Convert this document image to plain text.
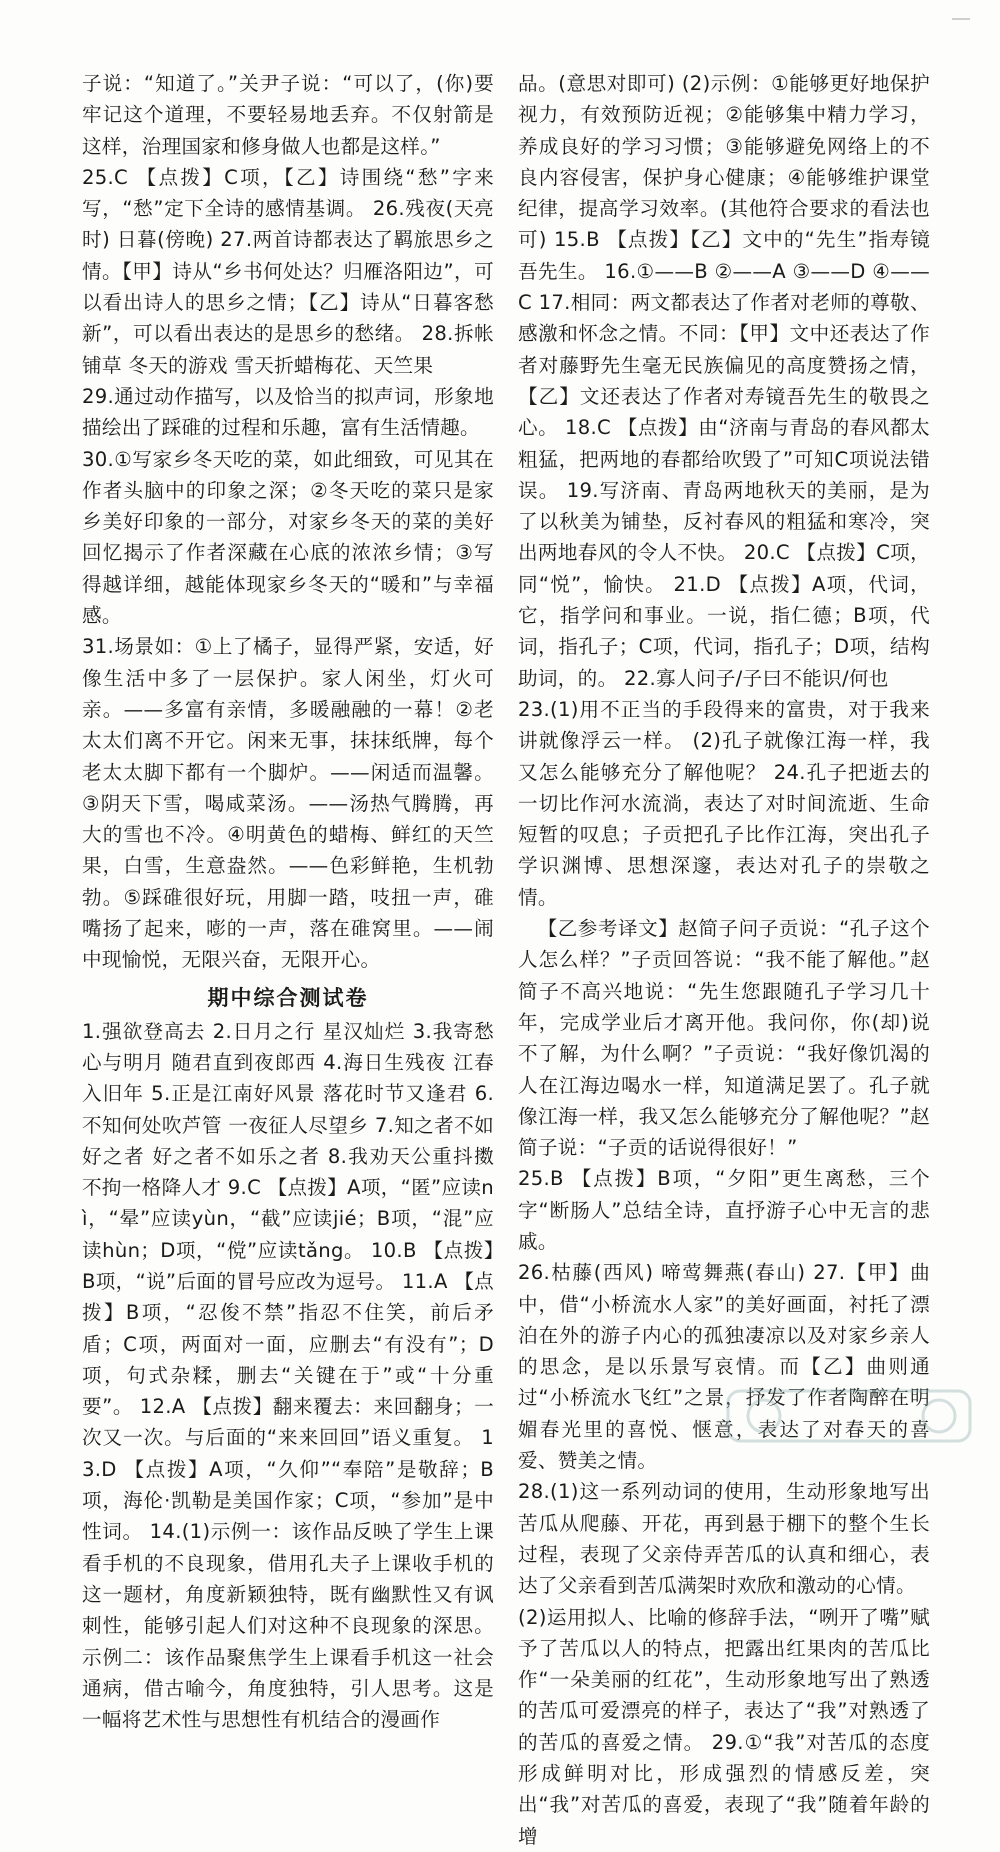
子说：“知道了。”关尹子说：“可以了，(你)要牢记这个道理，不要轻易地丢弃。不仅射箭是这样，治理国家和修身做人也都是这样。”

25.C 【点拨】C项，【乙】诗围绕“愁”字来写，“愁”定下全诗的感情基调。 26.残夜(天亮时) 日暮(傍晚) 27.两首诗都表达了羁旅思乡之情。【甲】诗从“乡书何处达？归雁洛阳边”，可以看出诗人的思乡之情；【乙】诗从“日暮客愁新”，可以看出表达的是思乡的愁绪。 28.拆帐铺草 冬天的游戏 雪天折蜡梅花、天竺果

29.通过动作描写，以及恰当的拟声词，形象地描绘出了踩碓的过程和乐趣，富有生活情趣。

30.①写家乡冬天吃的菜，如此细致，可见其在作者头脑中的印象之深；②冬天吃的菜只是家乡美好印象的一部分，对家乡冬天的菜的美好回忆揭示了作者深藏在心底的浓浓乡情；③写得越详细，越能体现家乡冬天的“暖和”与幸福感。

31.场景如：①上了橘子，显得严紧，安适，好像生活中多了一层保护。家人闲坐，灯火可亲。——多富有亲情，多暖融融的一幕！②老太太们离不开它。闲来无事，抹抹纸牌，每个老太太脚下都有一个脚炉。——闲适而温馨。③阴天下雪，喝咸菜汤。——汤热气腾腾，再大的雪也不冷。④明黄色的蜡梅、鲜红的天竺果，白雪，生意盎然。——色彩鲜艳，生机勃勃。⑤踩碓很好玩，用脚一踏，吱扭一声，碓嘴扬了起来，嘭的一声，落在碓窝里。——闹中现愉悦，无限兴奋，无限开心。

期中综合测试卷

1.强欲登高去 2.日月之行 星汉灿烂 3.我寄愁心与明月 随君直到夜郎西 4.海日生残夜 江春入旧年 5.正是江南好风景 落花时节又逢君 6.不知何处吹芦管 一夜征人尽望乡 7.知之者不如好之者 好之者不如乐之者 8.我劝天公重抖擞 不拘一格降人才 9.C 【点拨】A项，“匿”应读nì，“晕”应读yùn，“截”应读jié；B项，“混”应读hùn；D项，“傥”应读tǎng。 10.B 【点拨】B项，“说”后面的冒号应改为逗号。 11.A 【点拨】B项，“忍俊不禁”指忍不住笑，前后矛盾；C项，两面对一面，应删去“有没有”；D项，句式杂糅，删去“关键在于”或“十分重要”。 12.A 【点拨】翻来覆去：来回翻身；一次又一次。与后面的“来来回回”语义重复。 13.D 【点拨】A项，“久仰”“奉陪”是敬辞；B项，海伦·凯勒是美国作家；C项，“参加”是中性词。 14.(1)示例一：该作品反映了学生上课看手机的不良现象，借用孔夫子上课收手机的这一题材，角度新颖独特，既有幽默性又有讽刺性，能够引起人们对这种不良现象的深思。 示例二：该作品聚焦学生上课看手机这一社会通病，借古喻今，角度独特，引人思考。这是一幅将艺术性与思想性有机结合的漫画作

品。(意思对即可) (2)示例：①能够更好地保护视力，有效预防近视；②能够集中精力学习，养成良好的学习习惯；③能够避免网络上的不良内容侵害，保护身心健康；④能够维护课堂纪律，提高学习效率。(其他符合要求的看法也可) 15.B 【点拨】【乙】文中的“先生”指寿镜吾先生。 16.①——B ②——A ③——D ④——C 17.相同：两文都表达了作者对老师的尊敬、感激和怀念之情。不同：【甲】文中还表达了作者对藤野先生毫无民族偏见的高度赞扬之情，【乙】文还表达了作者对寿镜吾先生的敬畏之心。 18.C 【点拨】由“济南与青岛的春风都太粗猛，把两地的春都给吹毁了”可知C项说法错误。 19.写济南、青岛两地秋天的美丽，是为了以秋美为铺垫，反衬春风的粗猛和寒冷，突出两地春风的令人不快。 20.C 【点拨】C项，同“悦”，愉快。 21.D 【点拨】A项，代词，它，指学问和事业。一说，指仁德；B项，代词，指孔子；C项，代词，指孔子；D项，结构助词，的。 22.寡人问子/子曰不能识/何也

23.(1)用不正当的手段得来的富贵，对于我来讲就像浮云一样。 (2)孔子就像江海一样，我又怎么能够充分了解他呢？ 24.孔子把逝去的一切比作河水流淌，表达了对时间流逝、生命短暂的叹息；子贡把孔子比作江海，突出孔子学识渊博、思想深邃，表达对孔子的崇敬之情。

【乙参考译文】赵简子问子贡说：“孔子这个人怎么样？”子贡回答说：“我不能了解他。”赵简子不高兴地说：“先生您跟随孔子学习几十年，完成学业后才离开他。我问你，你(却)说不了解，为什么啊？”子贡说：“我好像饥渴的人在江海边喝水一样，知道满足罢了。孔子就像江海一样，我又怎么能够充分了解他呢？”赵简子说：“子贡的话说得很好！”

25.B 【点拨】B项，“夕阳”更生离愁，三个字“断肠人”总结全诗，直抒游子心中无言的悲戚。

26.枯藤(西风) 啼莺舞燕(春山) 27.【甲】曲中，借“小桥流水人家”的美好画面，衬托了漂泊在外的游子内心的孤独凄凉以及对家乡亲人的思念，是以乐景写哀情。而【乙】曲则通过“小桥流水飞红”之景，抒发了作者陶醉在明媚春光里的喜悦、惬意，表达了对春天的喜爱、赞美之情。

28.(1)这一系列动词的使用，生动形象地写出苦瓜从爬藤、开花，再到悬于棚下的整个生长过程，表现了父亲侍弄苦瓜的认真和细心，表达了父亲看到苦瓜满架时欢欣和激动的心情。

(2)运用拟人、比喻的修辞手法，“咧开了嘴”赋予了苦瓜以人的特点，把露出红果肉的苦瓜比作“一朵美丽的红花”，生动形象地写出了熟透的苦瓜可爱漂亮的样子，表达了“我”对熟透了的苦瓜的喜爱之情。 29.①“我”对苦瓜的态度形成鲜明对比，形成强烈的情感反差，突出“我”对苦瓜的喜爱，表现了“我”随着年龄的增
